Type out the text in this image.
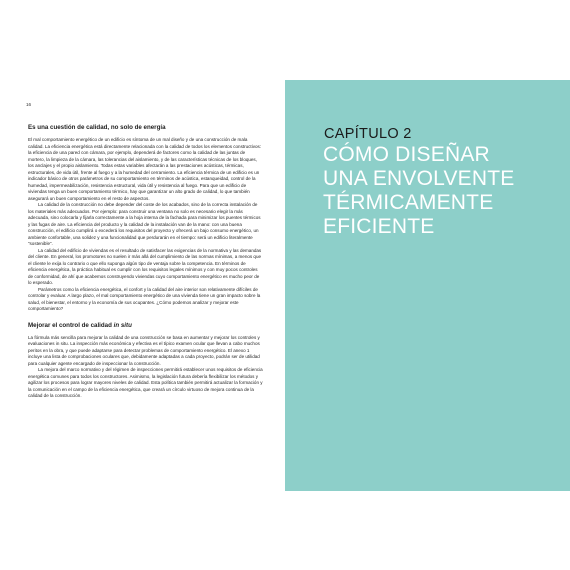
16

Es una cuestión de calidad, no solo de energía

El mal comportamiento energético de un edificio es síntoma de un mal diseño y de una construcción de mala calidad. La eficiencia energética está directamente relacionada con la calidad de todos los elementos constructivos: la eficiencia de una pared con cámara, por ejemplo, dependerá de factores como la calidad de las juntas de mortero, la limpieza de la cámara, las tolerancias del aislamiento, y de las características técnicas de los bloques, los anclajes y el propio aislamiento. Todas estas variables afectarán a las prestaciones acústicas, térmicas, estructurales, de vida útil, frente al fuego y a la humedad del cerramiento. La eficiencia térmica de un edificio es un indicador básico de otros parámetros de su comportamiento en términos de acústica, estanqueidad, control de la humedad, impermeabilización, resistencia estructural, vida útil y resistencia al fuego. Para que un edificio de viviendas tenga un buen comportamiento térmico, hay que garantizar un alto grado de calidad, lo que también asegurará un buen comportamiento en el resto de aspectos.

La calidad de la construcción no debe depender del coste de los acabados, sino de la correcta instalación de los materiales más adecuados. Por ejemplo: para construir una ventana no solo es necesario elegir la más adecuada, sino colocarla y fijarla correctamente a la hoja interna de la fachada para minimizar los puentes térmicos y las fugas de aire. La eficiencia del producto y la calidad de la instalación van de la mano: con una buena construcción, el edificio cumplirá o excederá los requisitos del proyecto y ofrecerá un bajo consumo energético, un ambiente confortable, una solidez y una funcionalidad que perdurarán en el tiempo: será un edificio literalmente “sostenible”.

La calidad del edificio de viviendas es el resultado de satisfacer las exigencias de la normativa y las demandas del cliente. En general, los promotores no suelen ir más allá del cumplimiento de las normas mínimas, a menos que el cliente le exija lo contrario o que ello suponga algún tipo de ventaja sobre la competencia. En términos de eficiencia energética, la práctica habitual es cumplir con los requisitos legales mínimos y con muy pocos controles de conformidad, de ahí que acabemos construyendo viviendas cuyo comportamiento energético es mucho peor de lo esperado.

Parámetros como la eficiencia energética, el confort y la calidad del aire interior son relativamente difíciles de controlar y evaluar. A largo plazo, el mal comportamiento energético de una vivienda tiene un gran impacto sobre la salud, el bienestar, el entorno y la economía de sus ocupantes. ¿Cómo podemos analizar y mejorar este comportamiento?

Mejorar el control de calidad in situ

La fórmula más sencilla para mejorar la calidad de una construcción se basa en aumentar y mejorar los controles y evaluaciones in situ. La inspección más económica y efectiva es el típico examen ocular que llevan a cabo muchos peritos en la obra, y que puede adaptarse para detectar problemas de comportamiento energético. El anexo 1 incluye una lista de comprobaciones oculares que, debidamente adaptadas a cada proyecto, podrán ser de utilidad para cualquier agente encargado de inspeccionar la construcción.

La mejora del marco normativo y del régimen de inspecciones permitirá establecer unos requisitos de eficiencia energética comunes para todos los constructores. Asimismo, la legislación futura debería flexibilizar los métodos y agilizar los procesos para lograr mayores niveles de calidad. Esta política también permitirá actualizar la formación y la comunicación en el campo de la eficiencia energética, que creará un círculo virtuoso de mejora continua de la calidad de la construcción.

CAPÍTULO 2

CÓMO DISEÑAR
UNA ENVOLVENTE
TÉRMICAMENTE
EFICIENTE
